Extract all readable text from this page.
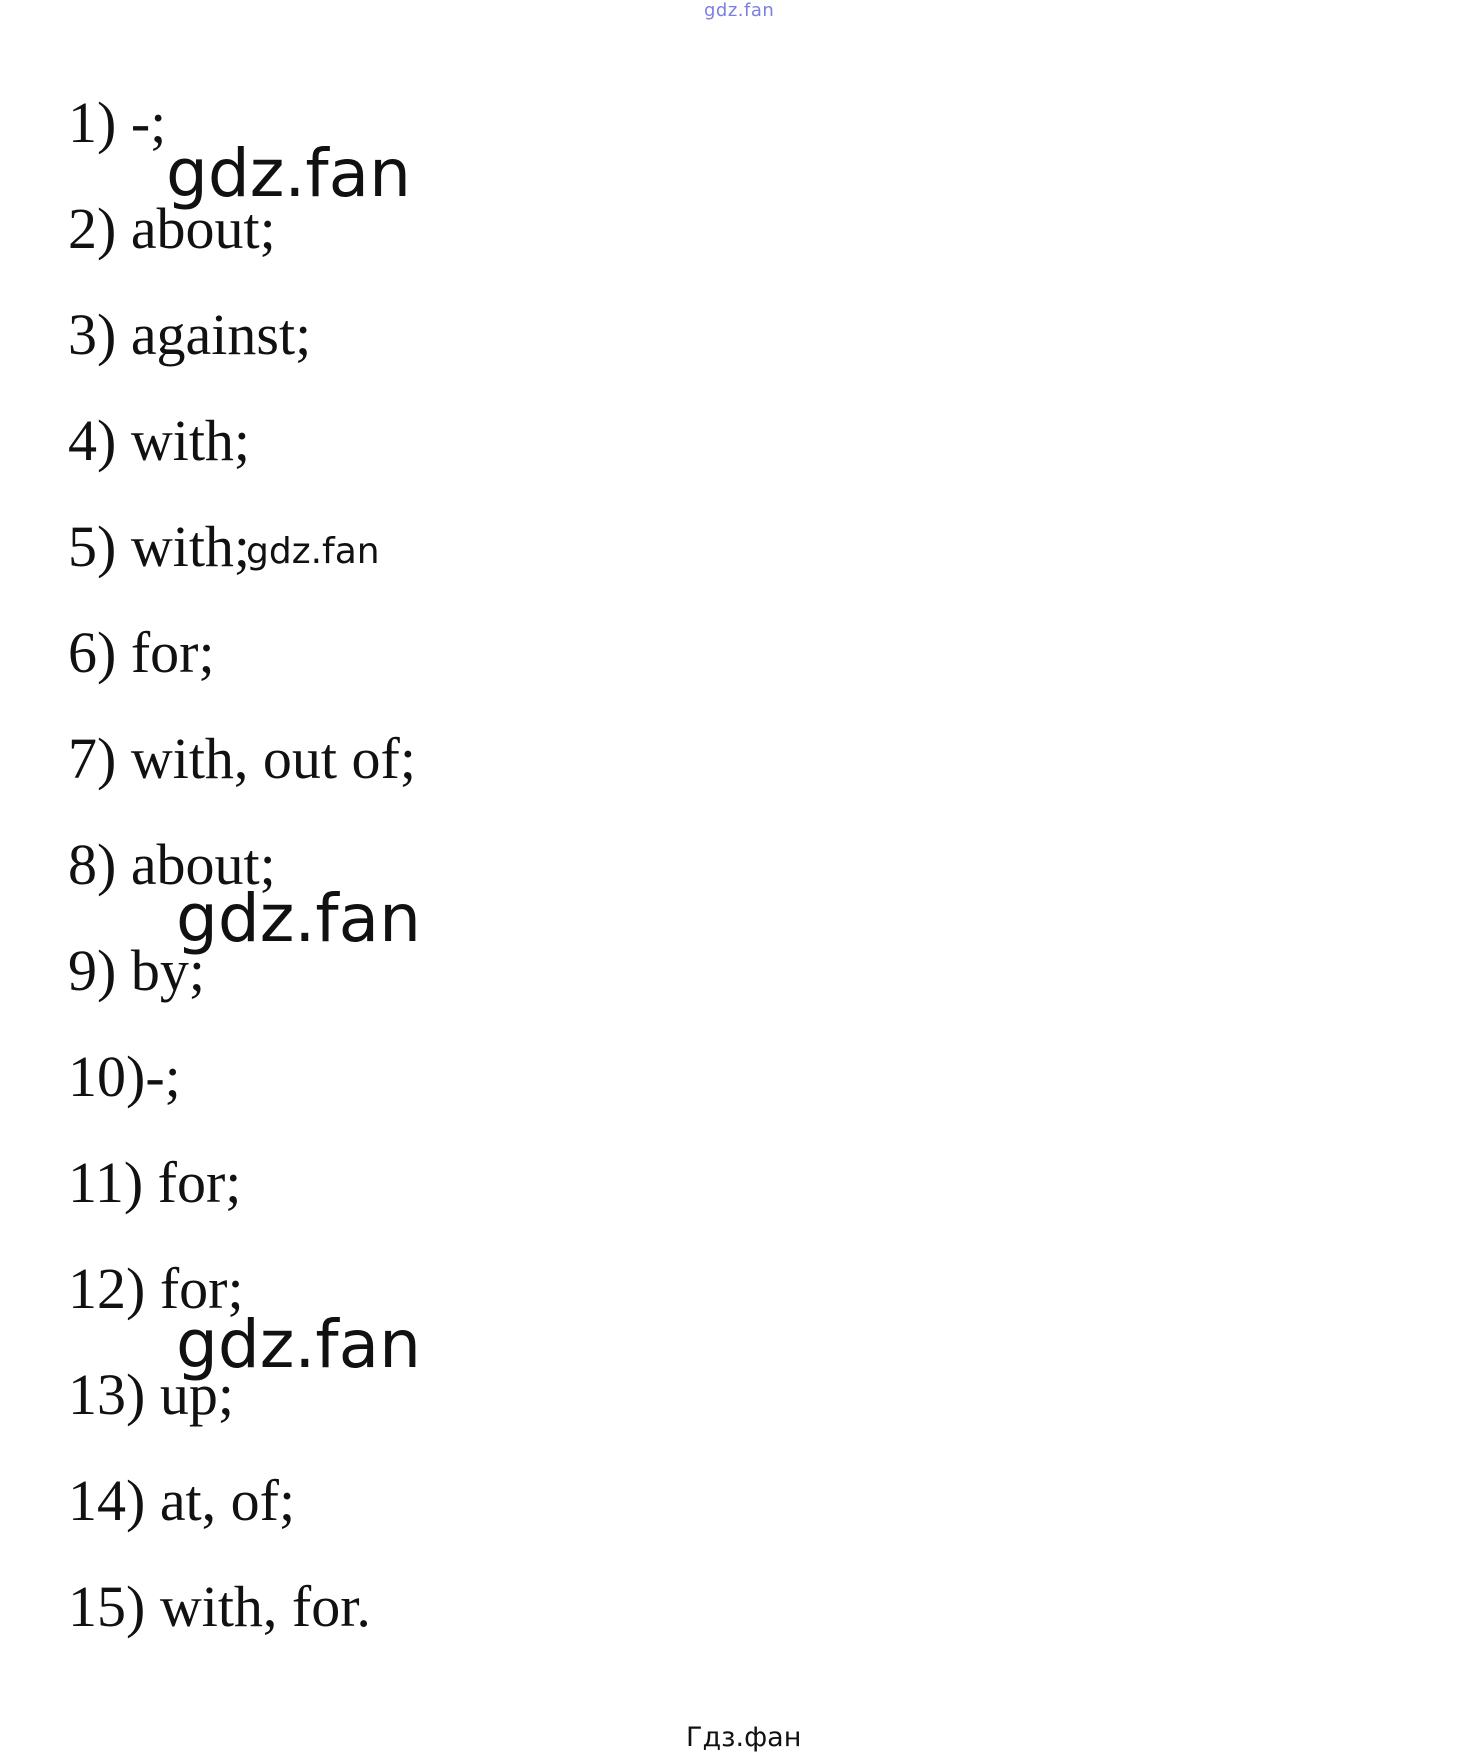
gdz.fan
1) -;
2) about;
3) against;
4) with;
5) with;
6) for;
7) with, out of;
8) about;
9) by;
10)-;
11) for;
12) for;
13) up;
14) at, of;
15) with, for.
gdz.fan
gdz.fan
gdz.fan
gdz.fan
Гдз.фан
